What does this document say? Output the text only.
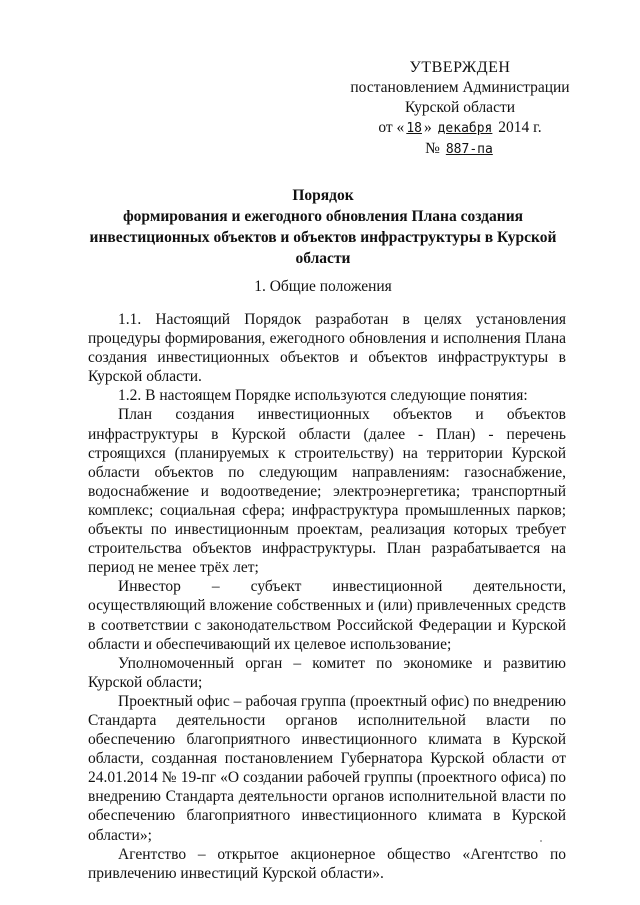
УТВЕРЖДЕН
постановлением Администрации
Курской области
от « 18 » декабря 2014 г.
№ 887-па
Порядок
формирования и ежегодного обновления Плана создания
инвестиционных объектов и объектов инфраструктуры в Курской
области
1. Общие положения

1.1. Настоящий Порядок разработан в целях установления процедуры формирования, ежегодного обновления и исполнения Плана создания инвестиционных объектов и объектов инфраструктуры в Курской области.

1.2. В настоящем Порядке используются следующие понятия:

План создания инвестиционных объектов и объектов инфраструктуры в Курской области (далее - План) - перечень строящихся (планируемых к строительству) на территории Курской области объектов по следующим направлениям: газоснабжение, водоснабжение и водоотведение; электроэнергетика; транспортный комплекс; социальная сфера; инфраструктура промышленных парков; объекты по инвестиционным проектам, реализация которых требует строительства объектов инфраструктуры. План разрабатывается на период не менее трёх лет;

Инвестор – субъект инвестиционной деятельности, осуществляющий вложение собственных и (или) привлеченных средств в соответствии с законодательством Российской Федерации и Курской области и обеспечивающий их целевое использование;

Уполномоченный орган – комитет по экономике и развитию Курской области;

Проектный офис – рабочая группа (проектный офис) по внедрению Стандарта деятельности органов исполнительной власти по обеспечению благоприятного инвестиционного климата в Курской области, созданная постановлением Губернатора Курской области от 24.01.2014 № 19-пг «О создании рабочей группы (проектного офиса) по внедрению Стандарта деятельности органов исполнительной власти по обеспечению благоприятного инвестиционного климата в Курской области»;

Агентство – открытое акционерное общество «Агентство по привлечению инвестиций Курской области».
